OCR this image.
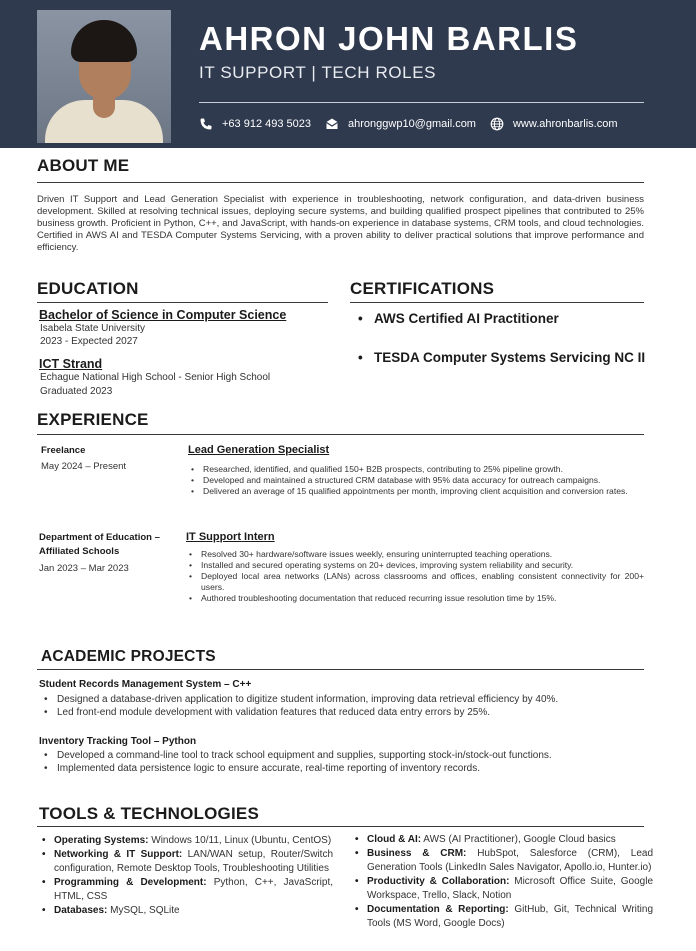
AHRON JOHN BARLIS
IT SUPPORT | TECH ROLES
+63 912 493 5023	ahronggwp10@gmail.com	www.ahronbarlis.com
ABOUT ME
Driven IT Support and Lead Generation Specialist with experience in troubleshooting, network configuration, and data-driven business development. Skilled at resolving technical issues, deploying secure systems, and building qualified prospect pipelines that contributed to 25% business growth. Proficient in Python, C++, and JavaScript, with hands-on experience in database systems, CRM tools, and cloud technologies. Certified in AWS AI and TESDA Computer Systems Servicing, with a proven ability to deliver practical solutions that improve performance and efficiency.
EDUCATION
Bachelor of Science in Computer Science
Isabela State University
2023 - Expected 2027
ICT Strand
Echague National High School - Senior High School
Graduated 2023
CERTIFICATIONS
• AWS Certified AI Practitioner
• TESDA Computer Systems Servicing NC II
EXPERIENCE
Freelance
May 2024 – Present
Lead Generation Specialist
• Researched, identified, and qualified 150+ B2B prospects, contributing to 25% pipeline growth.
• Developed and maintained a structured CRM database with 95% data accuracy for outreach campaigns.
• Delivered an average of 15 qualified appointments per month, improving client acquisition and conversion rates.
Department of Education – Affiliated Schools
Jan 2023 – Mar 2023
IT Support Intern
• Resolved 30+ hardware/software issues weekly, ensuring uninterrupted teaching operations.
• Installed and secured operating systems on 20+ devices, improving system reliability and security.
• Deployed local area networks (LANs) across classrooms and offices, enabling consistent connectivity for 200+ users.
• Authored troubleshooting documentation that reduced recurring issue resolution time by 15%.
ACADEMIC PROJECTS
Student Records Management System – C++
• Designed a database-driven application to digitize student information, improving data retrieval efficiency by 40%.
• Led front-end module development with validation features that reduced data entry errors by 25%.
Inventory Tracking Tool – Python
• Developed a command-line tool to track school equipment and supplies, supporting stock-in/stock-out functions.
• Implemented data persistence logic to ensure accurate, real-time reporting of inventory records.
TOOLS & TECHNOLOGIES
• Operating Systems: Windows 10/11, Linux (Ubuntu, CentOS)
• Networking & IT Support: LAN/WAN setup, Router/Switch configuration, Remote Desktop Tools, Troubleshooting Utilities
• Programming & Development: Python, C++, JavaScript, HTML, CSS
• Databases: MySQL, SQLite
• Cloud & AI: AWS (AI Practitioner), Google Cloud basics
• Business & CRM: HubSpot, Salesforce (CRM), Lead Generation Tools (LinkedIn Sales Navigator, Apollo.io, Hunter.io)
• Productivity & Collaboration: Microsoft Office Suite, Google Workspace, Trello, Slack, Notion
• Documentation & Reporting: GitHub, Git, Technical Writing Tools (MS Word, Google Docs)
